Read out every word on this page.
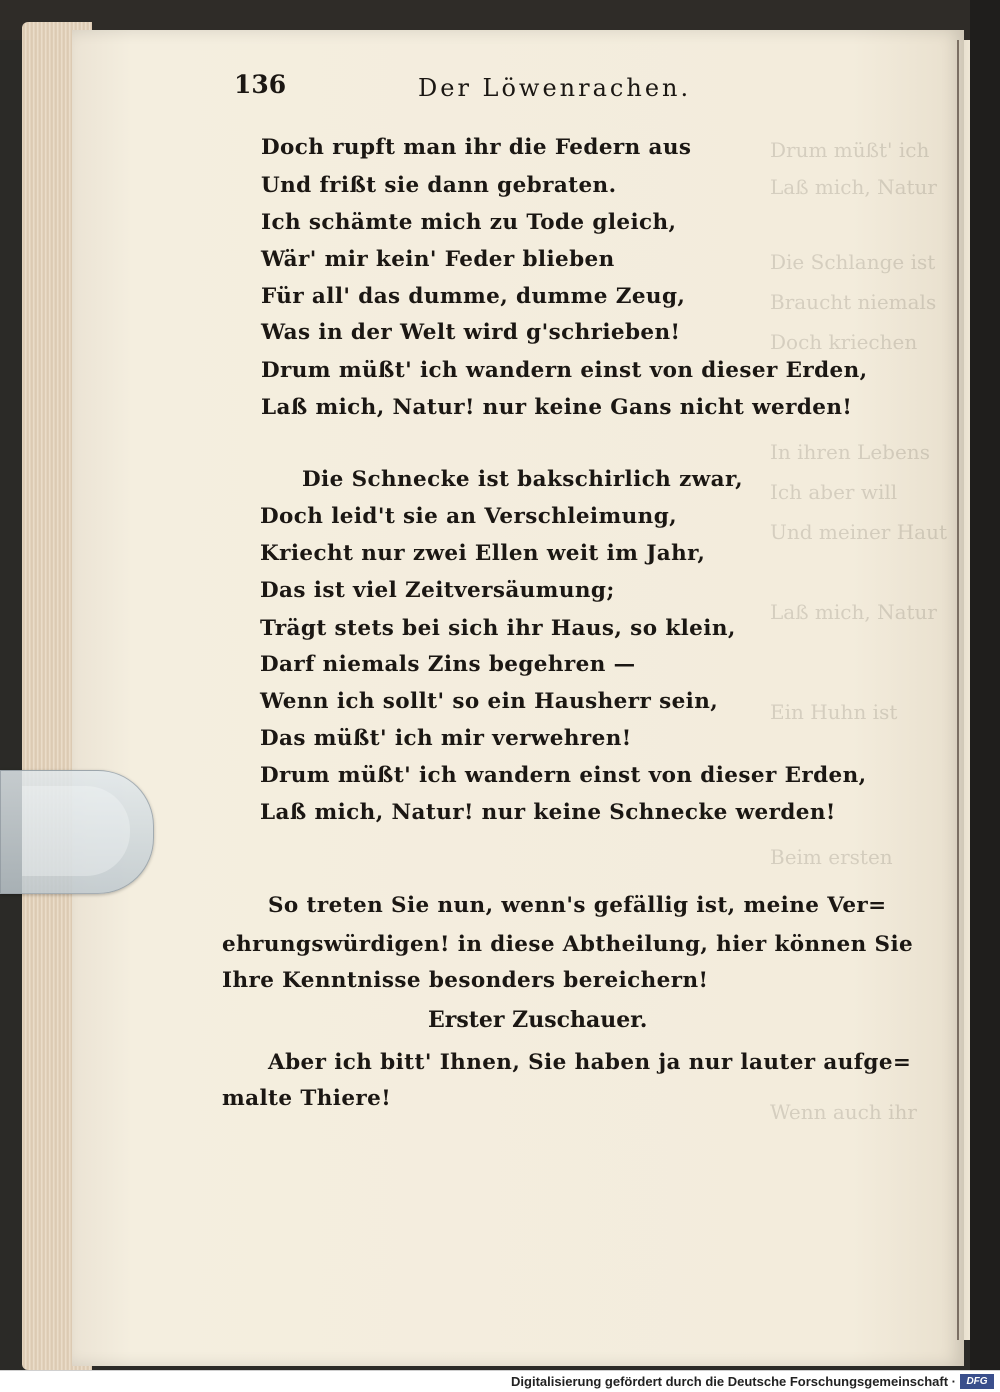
Drum müßt' ich
Laß mich, Natur
Die Schlange ist
Braucht niemals
Doch kriechen
In ihren Lebens
Ich aber will
Und meiner Haut
Laß mich, Natur
Ein Huhn ist
Beim ersten
Wenn auch ihr
136	Der Löwenrachen.
Doch rupft man ihr die Federn aus
Und frißt sie dann gebraten.
Ich schämte mich zu Tode gleich,
Wär' mir kein' Feder blieben
Für all' das dumme, dumme Zeug,
Was in der Welt wird g'schrieben!
Drum müßt' ich wandern einst von dieser Erden,
Laß mich, Natur! nur keine Gans nicht werden!
Die Schnecke ist bakschirlich zwar,
Doch leid't sie an Verschleimung,
Kriecht nur zwei Ellen weit im Jahr,
Das ist viel Zeitversäumung;
Trägt stets bei sich ihr Haus, so klein,
Darf niemals Zins begehren —
Wenn ich sollt' so ein Hausherr sein,
Das müßt' ich mir verwehren!
Drum müßt' ich wandern einst von dieser Erden,
Laß mich, Natur! nur keine Schnecke werden!
So treten Sie nun, wenn's gefällig ist, meine Ver=
ehrungswürdigen! in diese Abtheilung, hier können Sie
Ihre Kenntnisse besonders bereichern!
Erster Zuschauer.
Aber ich bitt' Ihnen, Sie haben ja nur lauter aufge=
malte Thiere!
Digitalisierung gefördert durch die Deutsche Forschungsgemeinschaft ·	DFG
